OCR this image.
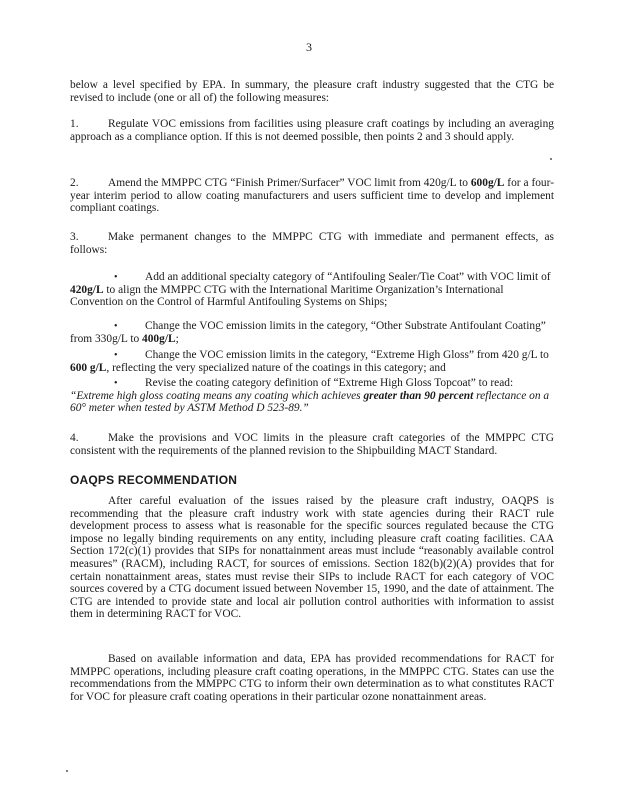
3

below a level specified by EPA. In summary, the pleasure craft industry suggested that the CTG be revised to include (one or all of) the following measures:

1.	Regulate VOC emissions from facilities using pleasure craft coatings by including an averaging approach as a compliance option. If this is not deemed possible, then points 2 and 3 should apply.

2.	Amend the MMPPC CTG “Finish Primer/Surfacer” VOC limit from 420g/L to 600g/L for a four-year interim period to allow coating manufacturers and users sufficient time to develop and implement compliant coatings.

3.	Make permanent changes to the MMPPC CTG with immediate and permanent effects, as follows:

•	Add an additional specialty category of “Antifouling Sealer/Tie Coat” with VOC limit of 420g/L to align the MMPPC CTG with the International Maritime Organization’s International Convention on the Control of Harmful Antifouling Systems on Ships;

•	Change the VOC emission limits in the category, “Other Substrate Antifoulant Coating” from 330g/L to 400g/L;

•	Change the VOC emission limits in the category, “Extreme High Gloss” from 420 g/L to 600 g/L, reflecting the very specialized nature of the coatings in this category; and

•	Revise the coating category definition of “Extreme High Gloss Topcoat” to read:
“Extreme high gloss coating means any coating which achieves greater than 90 percent reflectance on a 60° meter when tested by ASTM Method D 523-89.”

4.	Make the provisions and VOC limits in the pleasure craft categories of the MMPPC CTG consistent with the requirements of the planned revision to the Shipbuilding MACT Standard.

OAQPS RECOMMENDATION

After careful evaluation of the issues raised by the pleasure craft industry, OAQPS is recommending that the pleasure craft industry work with state agencies during their RACT rule development process to assess what is reasonable for the specific sources regulated because the CTG impose no legally binding requirements on any entity, including pleasure craft coating facilities. CAA Section 172(c)(1) provides that SIPs for nonattainment areas must include “reasonably available control measures” (RACM), including RACT, for sources of emissions. Section 182(b)(2)(A) provides that for certain nonattainment areas, states must revise their SIPs to include RACT for each category of VOC sources covered by a CTG document issued between November 15, 1990, and the date of attainment. The CTG are intended to provide state and local air pollution control authorities with information to assist them in determining RACT for VOC.

Based on available information and data, EPA has provided recommendations for RACT for MMPPC operations, including pleasure craft coating operations, in the MMPPC CTG. States can use the recommendations from the MMPPC CTG to inform their own determination as to what constitutes RACT for VOC for pleasure craft coating operations in their particular ozone nonattainment areas.
